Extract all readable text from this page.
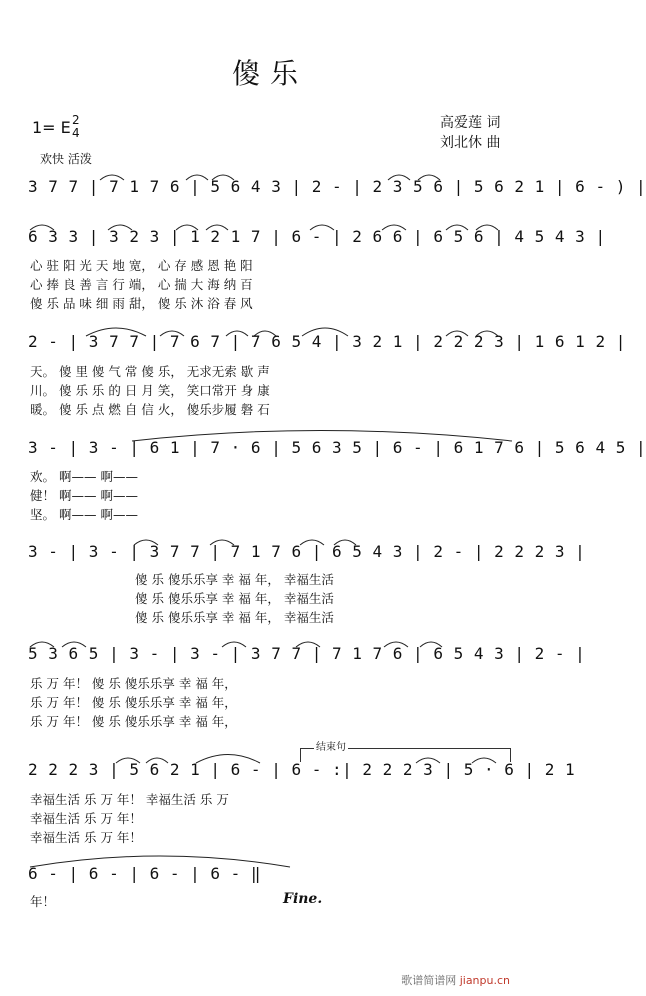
傻乐
1= E 2
4
欢快 活泼
高爱莲 词
刘北休 曲
3 7 7 | 7 1 7 6 | 5 6 4 3 | 2 - | 2 3 5 6 | 5 6 2 1 | 6 - ) |
6 3 3 | 3 2 3 | 1 2 1 7 | 6 - | 2 6 6 | 6 5 6 | 4 5 4 3 |
心 驻 阳 光 天 地 宽， 心 存 感 恩 艳 阳
心 捧 良 善 言 行 端， 心 揣 大 海 纳 百
傻 乐 品 味 细 雨 甜， 傻 乐 沐 浴 春 风
2 - | 3 7 7 | 7 6 7 | 7 6 5 4 | 3 2 1 | 2 2 2 3 | 1 6 1 2 |
天。 傻 里 傻 气 常 傻 乐， 无求无索 歇 声
川。 傻 乐 乐 的 日 月 笑， 笑口常开 身 康
暖。 傻 乐 点 燃 自 信 火， 傻乐步履 磐 石
3 - | 3 - | 6 1 | 7 · 6 | 5 6 3 5 | 6 - | 6 1 7 6 | 5 6 4 5 |
欢。 啊—— 啊——
健！ 啊—— 啊——
坚。 啊—— 啊——
3 - | 3 - | 3 7 7 | 7 1 7 6 | 6 5 4 3 | 2 - | 2 2 2 3 |
傻 乐 傻乐乐享 幸 福 年， 幸福生活
傻 乐 傻乐乐享 幸 福 年， 幸福生活
傻 乐 傻乐乐享 幸 福 年， 幸福生活
5 3 6 5 | 3 - | 3 - | 3 7 7 | 7 1 7 6 | 6 5 4 3 | 2 - |
乐 万 年！ 傻 乐 傻乐乐享 幸 福 年，
乐 万 年！ 傻 乐 傻乐乐享 幸 福 年，
乐 万 年！ 傻 乐 傻乐乐享 幸 福 年，
结束句
2 2 2 3 | 5 6 2 1 | 6 - | 6 - :| 2 2 2 3 | 5 · 6 | 2 1
幸福生活 乐 万 年！ 幸福生活 乐 万
幸福生活 乐 万 年！
幸福生活 乐 万 年！
6 - | 6 - | 6 - | 6 - ‖
年！	Fine.
歌谱简谱网 jianpu.cn
